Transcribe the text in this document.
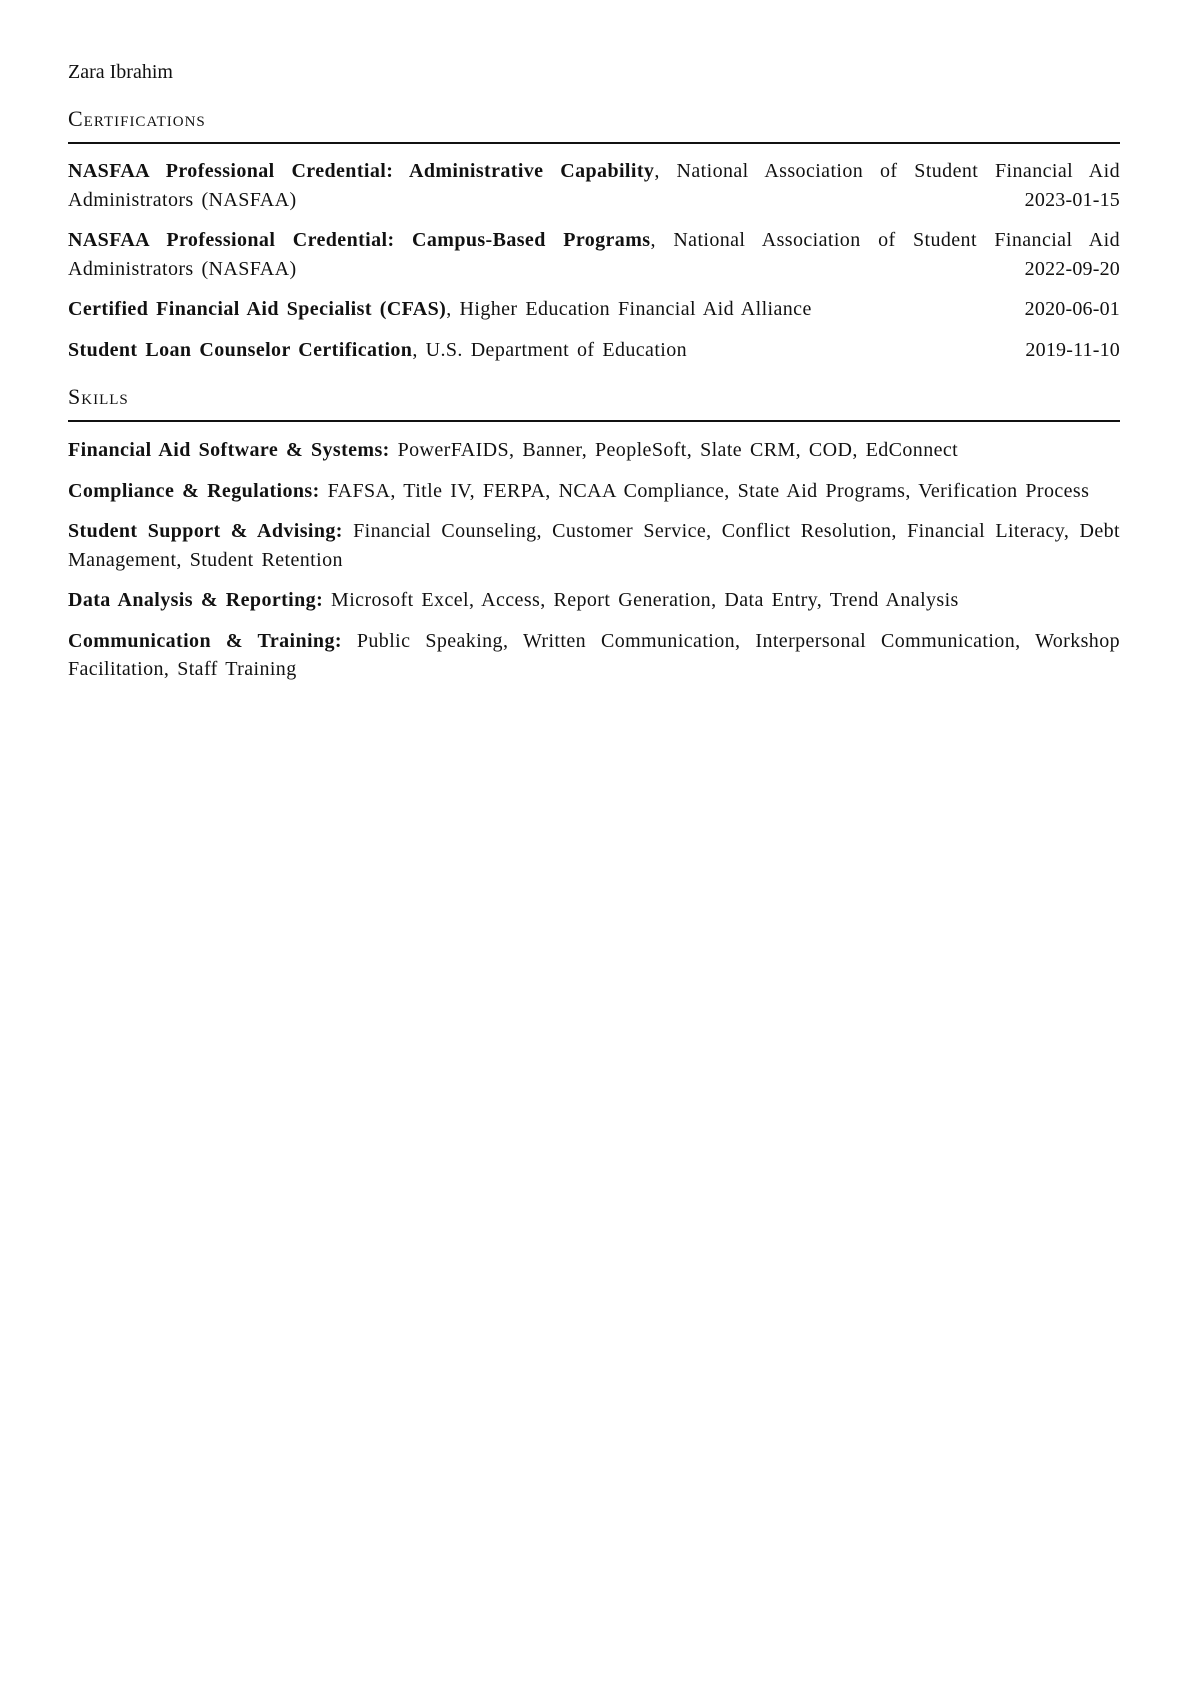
Zara Ibrahim
Certifications
NASFAA Professional Credential: Administrative Capability, National Association of Student Financial Aid Administrators (NASFAA)	2023-01-15
NASFAA Professional Credential: Campus-Based Programs, National Association of Student Financial Aid Administrators (NASFAA)	2022-09-20
Certified Financial Aid Specialist (CFAS), Higher Education Financial Aid Alliance	2020-06-01
Student Loan Counselor Certification, U.S. Department of Education	2019-11-10
Skills
Financial Aid Software & Systems: PowerFAIDS, Banner, PeopleSoft, Slate CRM, COD, EdConnect
Compliance & Regulations: FAFSA, Title IV, FERPA, NCAA Compliance, State Aid Programs, Verification Process
Student Support & Advising: Financial Counseling, Customer Service, Conflict Resolution, Financial Literacy, Debt Management, Student Retention
Data Analysis & Reporting: Microsoft Excel, Access, Report Generation, Data Entry, Trend Analysis
Communication & Training: Public Speaking, Written Communication, Interpersonal Communication, Workshop Facilitation, Staff Training
